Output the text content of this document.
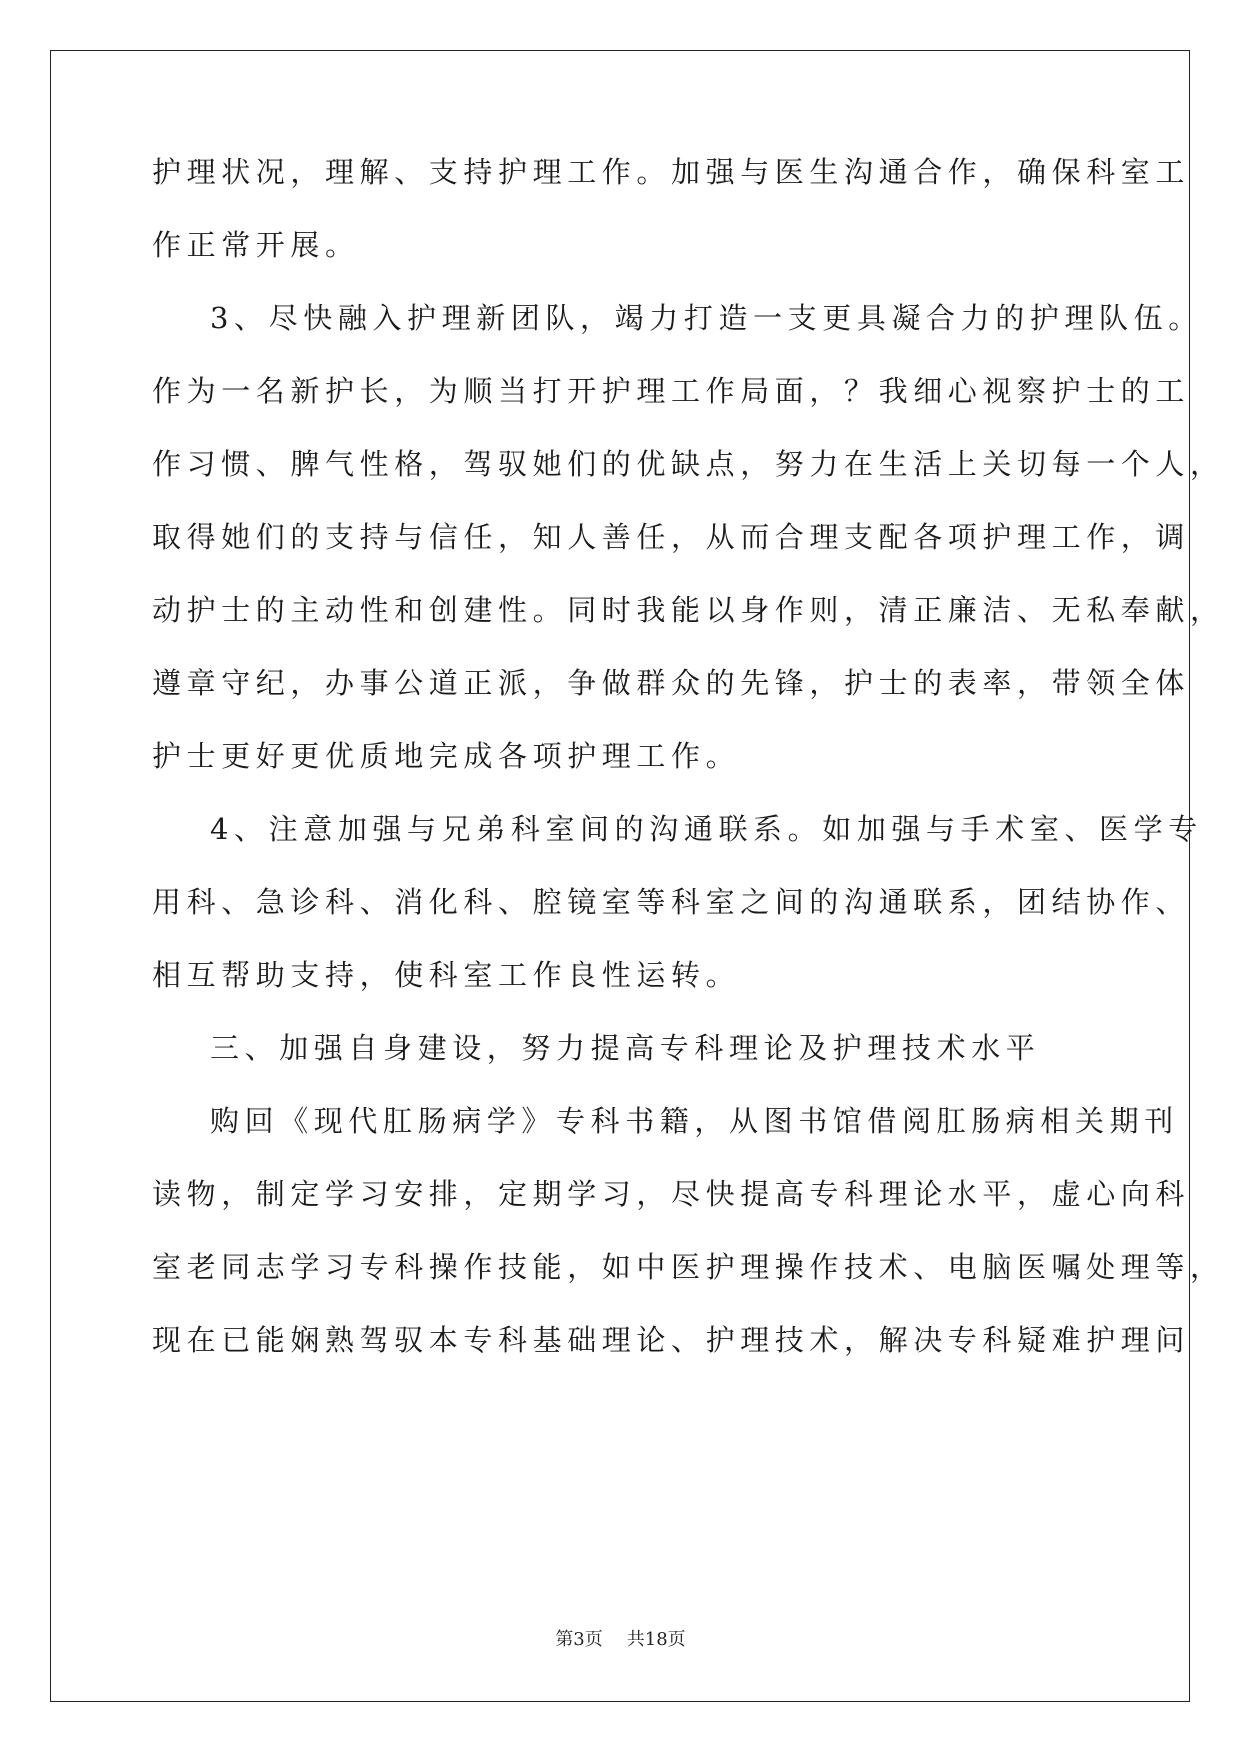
护理状况，理解、支持护理工作。加强与医生沟通合作，确保科室工
作正常开展。
3、尽快融入护理新团队，竭力打造一支更具凝合力的护理队伍。
作为一名新护长，为顺当打开护理工作局面，？我细心视察护士的工
作习惯、脾气性格，驾驭她们的优缺点，努力在生活上关切每一个人，
取得她们的支持与信任，知人善任，从而合理支配各项护理工作，调
动护士的主动性和创建性。同时我能以身作则，清正廉洁、无私奉献，
遵章守纪，办事公道正派，争做群众的先锋，护士的表率，带领全体
护士更好更优质地完成各项护理工作。
4、注意加强与兄弟科室间的沟通联系。如加强与手术室、医学专
用科、急诊科、消化科、腔镜室等科室之间的沟通联系，团结协作、
相互帮助支持，使科室工作良性运转。
三、加强自身建设，努力提高专科理论及护理技术水平
购回《现代肛肠病学》专科书籍，从图书馆借阅肛肠病相关期刊
读物，制定学习安排，定期学习，尽快提高专科理论水平，虚心向科
室老同志学习专科操作技能，如中医护理操作技术、电脑医嘱处理等，
现在已能娴熟驾驭本专科基础理论、护理技术，解决专科疑难护理问
第3页 共18页
